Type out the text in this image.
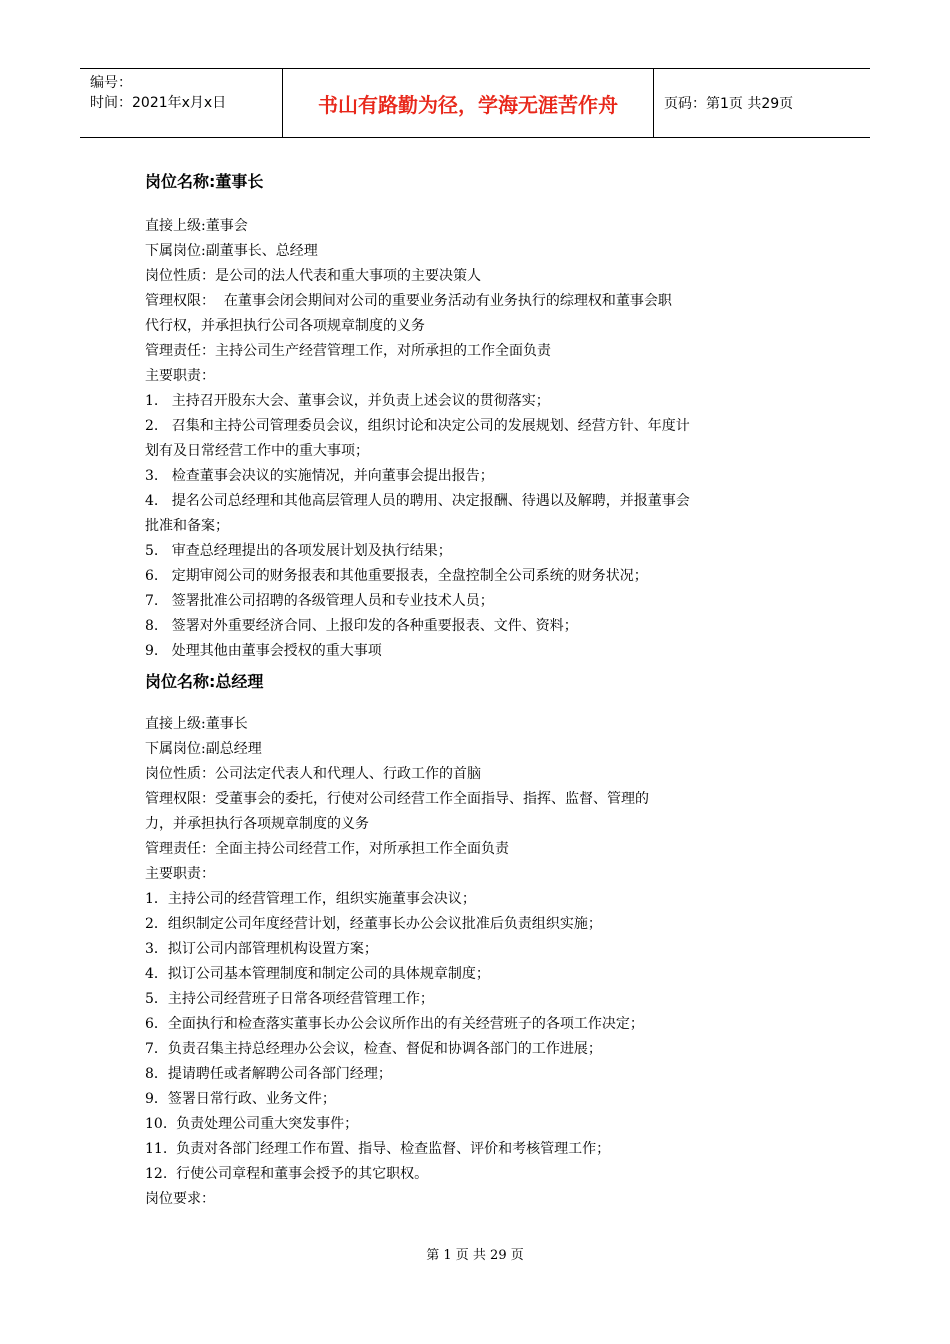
编号：
时间：2021年x月x日	书山有路勤为径，学海无涯苦作舟	页码：第1页 共29页
岗位名称:董事长

直接上级:董事会

下属岗位:副董事长、总经理

岗位性质：是公司的法人代表和重大事项的主要决策人

管理权限：  在董事会闭会期间对公司的重要业务活动有业务执行的综理权和董事会职

代行权，并承担执行公司各项规章制度的义务

管理责任：主持公司生产经营管理工作，对所承担的工作全面负责

主要职责：

1.   主持召开股东大会、董事会议，并负责上述会议的贯彻落实；

2.   召集和主持公司管理委员会议，组织讨论和决定公司的发展规划、经营方针、年度计

划有及日常经营工作中的重大事项；

3.   检查董事会决议的实施情况，并向董事会提出报告；

4.   提名公司总经理和其他高层管理人员的聘用、决定报酬、待遇以及解聘，并报董事会

批准和备案；

5.   审查总经理提出的各项发展计划及执行结果；

6.   定期审阅公司的财务报表和其他重要报表，全盘控制全公司系统的财务状况；

7.   签署批准公司招聘的各级管理人员和专业技术人员；

8.   签署对外重要经济合同、上报印发的各种重要报表、文件、资料；

9.   处理其他由董事会授权的重大事项

岗位名称:总经理

直接上级:董事长

下属岗位:副总经理

岗位性质：公司法定代表人和代理人、行政工作的首脑

管理权限：受董事会的委托，行使对公司经营工作全面指导、指挥、监督、管理的

力，并承担执行各项规章制度的义务

管理责任：全面主持公司经营工作，对所承担工作全面负责

主要职责：

1．主持公司的经营管理工作，组织实施董事会决议；

2．组织制定公司年度经营计划，经董事长办公会议批准后负责组织实施；

3．拟订公司内部管理机构设置方案；

4．拟订公司基本管理制度和制定公司的具体规章制度；

5．主持公司经营班子日常各项经营管理工作；

6．全面执行和检查落实董事长办公会议所作出的有关经营班子的各项工作决定；

7．负责召集主持总经理办公会议，检查、督促和协调各部门的工作进展；

8．提请聘任或者解聘公司各部门经理；

9．签署日常行政、业务文件；

10.  负责处理公司重大突发事件；

11.  负责对各部门经理工作布置、指导、检查监督、评价和考核管理工作；

12.  行使公司章程和董事会授予的其它职权。

岗位要求：

第 1 页 共 29 页
